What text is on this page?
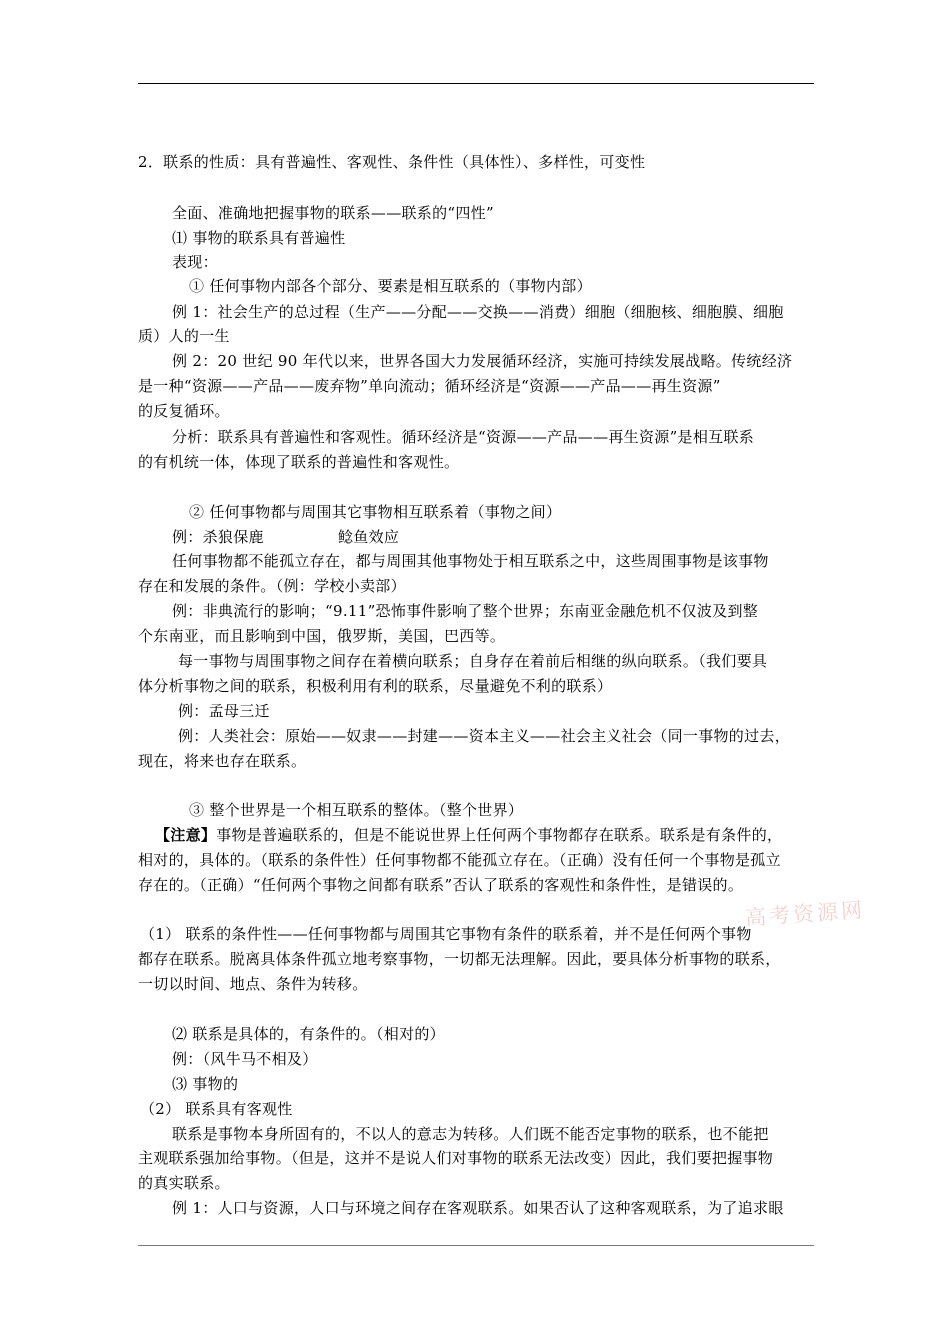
2．联系的性质：具有普遍性、客观性、条件性（具体性）、多样性，可变性
全面、准确地把握事物的联系——联系的“四性”
⑴ 事物的联系具有普遍性
表现：
① 任何事物内部各个部分、要素是相互联系的（事物内部）
例 1：社会生产的总过程（生产——分配——交换——消费）细胞（细胞核、细胞膜、细胞
质）人的一生
例 2：20 世纪 90 年代以来，世界各国大力发展循环经济，实施可持续发展战略。传统经济
是一种“资源——产品——废弃物”单向流动；循环经济是“资源——产品——再生资源”
的反复循环。
分析：联系具有普遍性和客观性。循环经济是“资源——产品——再生资源”是相互联系
的有机统一体，体现了联系的普遍性和客观性。
② 任何事物都与周围其它事物相互联系着（事物之间）
例：杀狼保鹿	鲶鱼效应
任何事物都不能孤立存在，都与周围其他事物处于相互联系之中，这些周围事物是该事物
存在和发展的条件。（例：学校小卖部）
例：非典流行的影响；“9.11”恐怖事件影响了整个世界；东南亚金融危机不仅波及到整
个东南亚，而且影响到中国，俄罗斯，美国，巴西等。
每一事物与周围事物之间存在着横向联系；自身存在着前后相继的纵向联系。（我们要具
体分析事物之间的联系，积极利用有利的联系，尽量避免不利的联系）
例：孟母三迁
例：人类社会：原始——奴隶——封建——资本主义——社会主义社会（同一事物的过去，
现在，将来也存在联系。
③ 整个世界是一个相互联系的整体。（整个世界）
【注意】事物是普遍联系的，但是不能说世界上任何两个事物都存在联系。联系是有条件的，
相对的，具体的。（联系的条件性）任何事物都不能孤立存在。（正确）没有任何一个事物是孤立
存在的。（正确）“任何两个事物之间都有联系”否认了联系的客观性和条件性，是错误的。
高考资源网
（1） 联系的条件性——任何事物都与周围其它事物有条件的联系着，并不是任何两个事物
都存在联系。脱离具体条件孤立地考察事物，一切都无法理解。因此，要具体分析事物的联系，
一切以时间、地点、条件为转移。
⑵ 联系是具体的，有条件的。（相对的）
例：（风牛马不相及）
⑶ 事物的
（2） 联系具有客观性
联系是事物本身所固有的，不以人的意志为转移。人们既不能否定事物的联系，也不能把
主观联系强加给事物。（但是，这并不是说人们对事物的联系无法改变）因此，我们要把握事物
的真实联系。
例 1：人口与资源，人口与环境之间存在客观联系。如果否认了这种客观联系，为了追求眼
